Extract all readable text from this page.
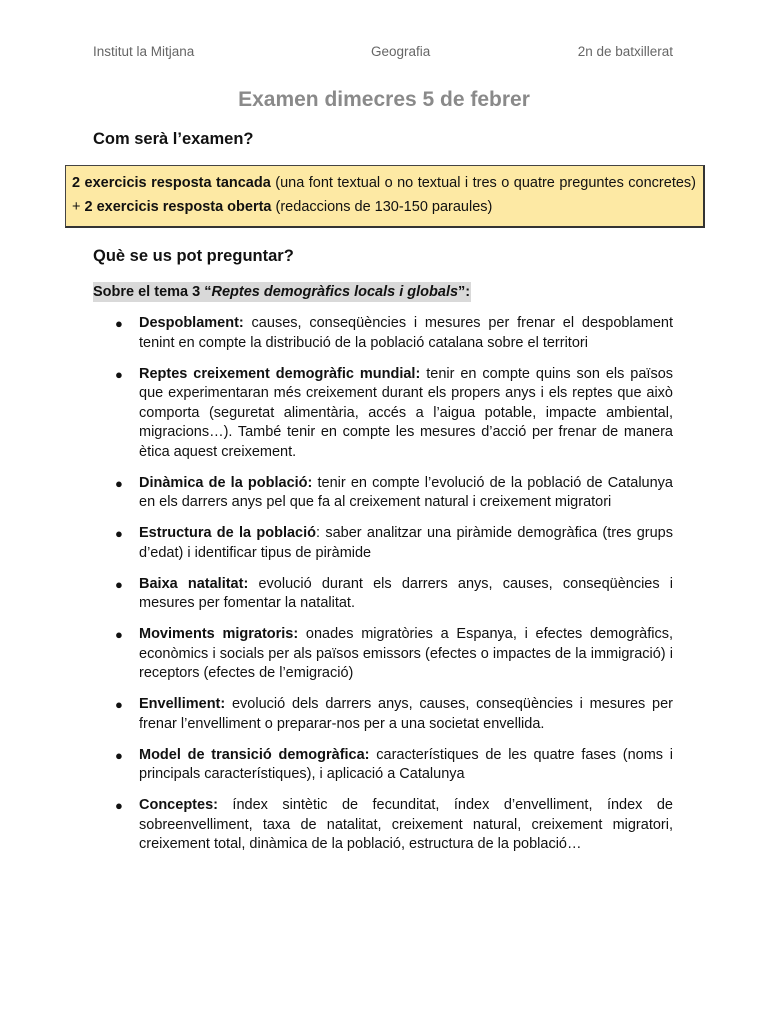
Institut la Mitjana	Geografia	2n de batxillerat
Examen dimecres 5 de febrer
Com serà l’examen?
2 exercicis resposta tancada (una font textual o no textual i tres o quatre preguntes concretes) + 2 exercicis resposta oberta (redaccions de 130-150 paraules)
Què se us pot preguntar?
Sobre el tema 3 “Reptes demogràfics locals i globals”:
● Despoblament: causes, conseqüències i mesures per frenar el despoblament tenint en compte la distribució de la població catalana sobre el territori
● Reptes creixement demogràfic mundial: tenir en compte quins son els països que experimentaran més creixement durant els propers anys i els reptes que això comporta (seguretat alimentària, accés a l’aigua potable, impacte ambiental, migracions…). També tenir en compte les mesures d’acció per frenar de manera ètica aquest creixement.
● Dinàmica de la població: tenir en compte l’evolució de la població de Catalunya en els darrers anys pel que fa al creixement natural i creixement migratori
● Estructura de la població: saber analitzar una piràmide demogràfica (tres grups d’edat) i identificar tipus de piràmide
● Baixa natalitat: evolució durant els darrers anys, causes, conseqüències i mesures per fomentar la natalitat.
● Moviments migratoris: onades migratòries a Espanya, i efectes demogràfics, econòmics i socials per als països emissors (efectes o impactes de la immigració) i receptors (efectes de l’emigració)
● Envelliment: evolució dels darrers anys, causes, conseqüències i mesures per frenar l’envelliment o preparar-nos per a una societat envellida.
● Model de transició demogràfica: característiques de les quatre fases (noms i principals característiques), i aplicació a Catalunya
● Conceptes: índex sintètic de fecunditat, índex d’envelliment, índex de sobreenvelliment, taxa de natalitat, creixement natural, creixement migratori, creixement total, dinàmica de la població, estructura de la població…
